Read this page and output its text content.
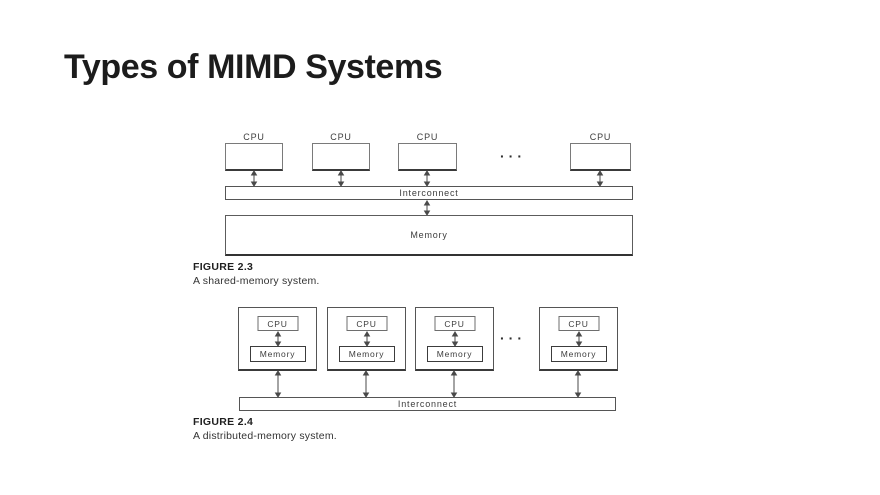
Types of MIMD Systems
CPU	CPU	CPU	CPU
···
Interconnect
Memory
FIGURE 2.3
A shared-memory system.
CPU
Memory
CPU
Memory
CPU
Memory
···
CPU
Memory
Interconnect
FIGURE 2.4
A distributed-memory system.
